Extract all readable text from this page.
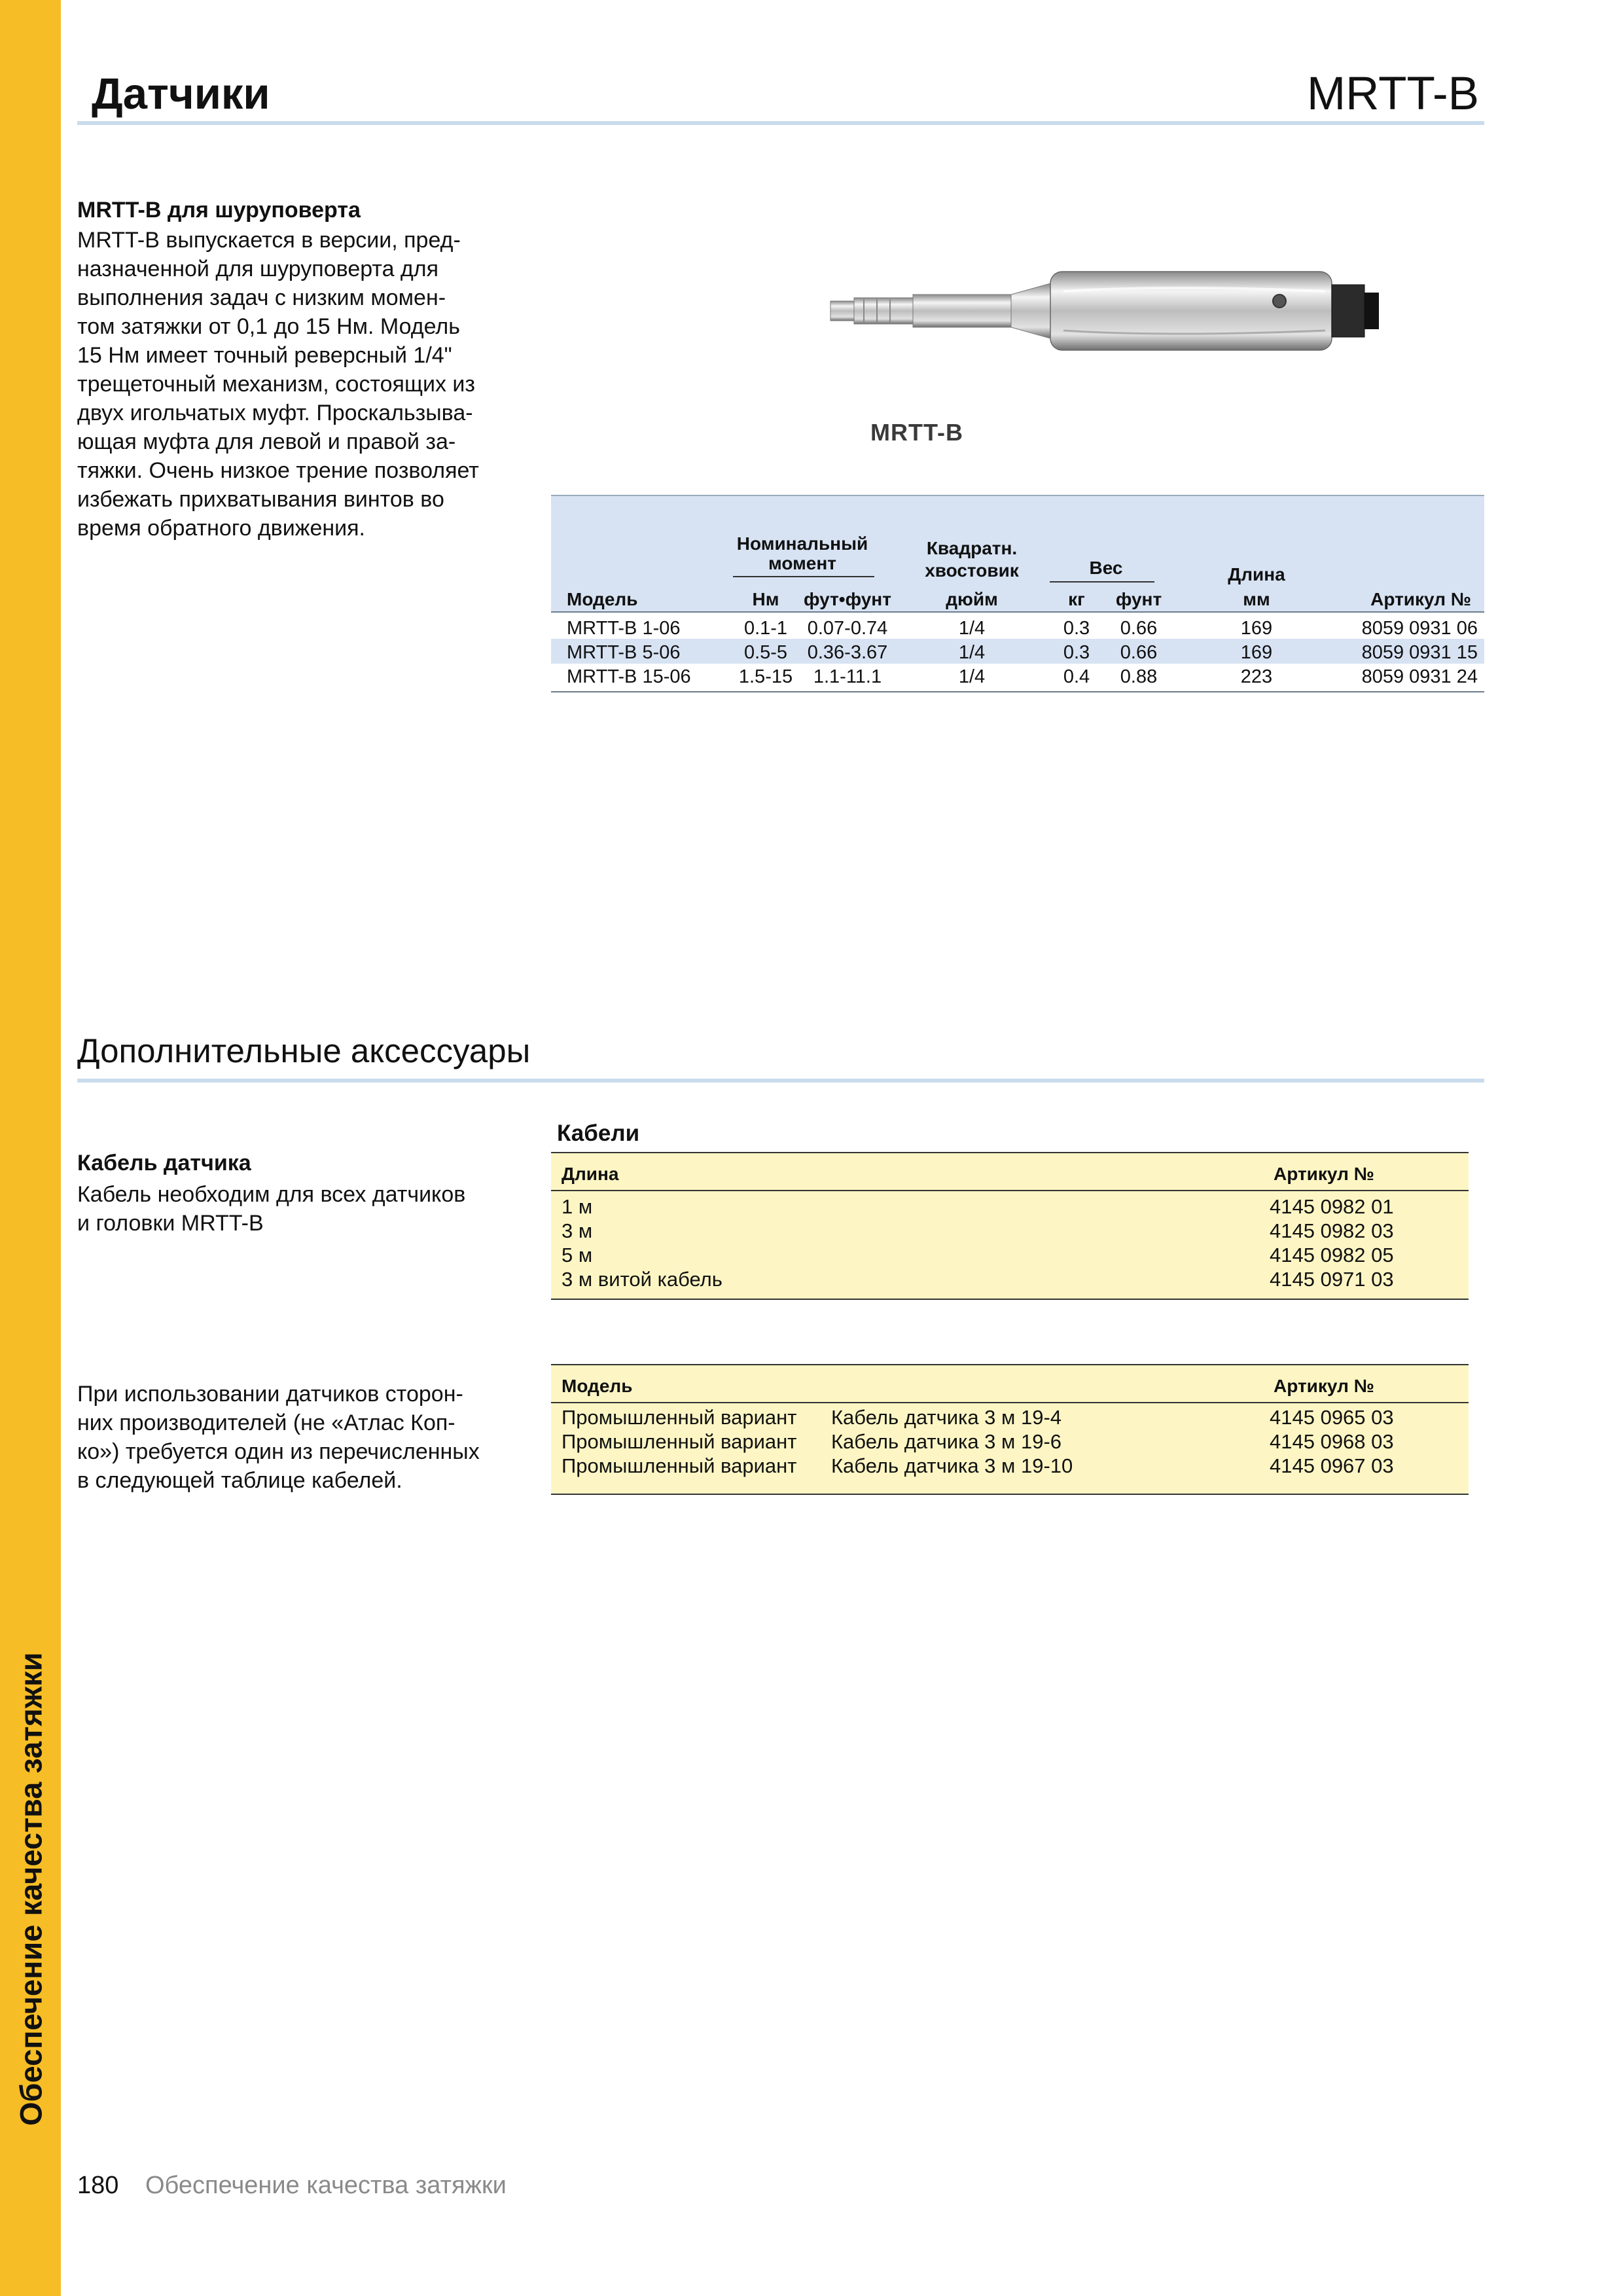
Обеспечение качества затяжки
Датчики	MRTT-B
MRTT-B для шуруповерта
MRTT-B выпускается в версии, пред-
назначенной для шуруповерта для
выполнения задач с низким момен-
том затяжки от 0,1 до 15 Нм. Модель
15 Нм имеет точный реверсный 1/4"
трещеточный механизм, состоящих из
двух игольчатых муфт. Проскальзыва-
ющая муфта для левой и правой за-
тяжки. Очень низкое трение позволяет
избежать прихватывания винтов во
время обратного движения.
MRTT-B
Номинальный
момент
Квадратн.
хвостовик	Вес	Длина
Модель	Нм	фут•фунт	дюйм	кг	фунт	мм	Артикул №
MRTT-B 1-06	0.1-1	0.07-0.74	1/4	0.3	0.66	169	8059 0931 06
MRTT-B 5-06	0.5-5	0.36-3.67	1/4	0.3	0.66	169	8059 0931 15
MRTT-B 15-06	1.5-15	1.1-11.1	1/4	0.4	0.88	223	8059 0931 24
Дополнительные аксессуары
Кабель датчика
Кабель необходим для всех датчиков
и головки MRTT-B
При использовании датчиков сторон-
них производителей (не «Атлас Коп-
ко») требуется один из перечисленных
в следующей таблице кабелей.
Кабели
Длина	Артикул №
1 м	4145 0982 01
3 м	4145 0982 03
5 м	4145 0982 05
3 м витой кабель	4145 0971 03
Модель	Артикул №
Промышленный вариант Кабель датчика 3 м 19-4	4145 0965 03
Промышленный вариант Кабель датчика 3 м 19-6	4145 0968 03
Промышленный вариант Кабель датчика 3 м 19-10	4145 0967 03
180 Обеспечение качества затяжки
